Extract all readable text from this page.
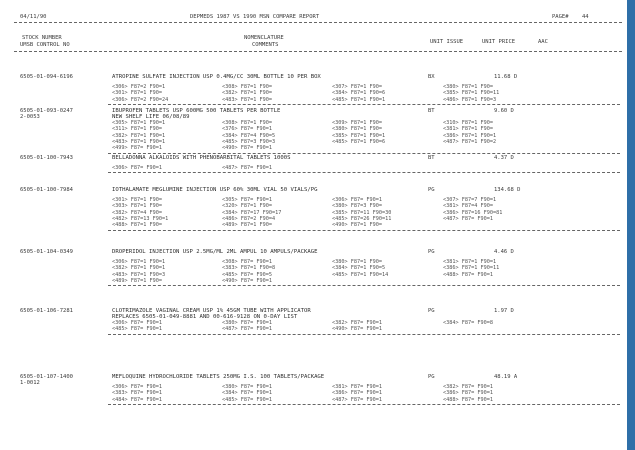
04/11/90	DEPMEDS 1987 VS 1990 MSN COMPARE REPORT	PAGE# 44
STOCK NUMBER
UMSB CONTROL NO
NOMENCLATURE
COMMENTS	UNIT ISSUE	UNIT PRICE	AAC
6505-01-094-6196	ATROPINE SULFATE INJECTION USP 0.4MG/CC 30ML BOTTLE 10 PER BOX	BX	11.68 D
<306> F87=2 F90=1	<308> F87=1 F90=	<307> F87=1 F90=	<380> F87=1 F90=
<301> F87=1 F90=	<382> F87=1 F90=	<384> F87=1 F90=6	<385> F87=1 F90=11
<306> F87=2 F90=24	<483> F87=1 F90=	<485> F87=1 F90=1	<486> F87=1 F90=3
6505-01-093-0247
2-0053
IBUPROFEN TABLETS USP 600MG 500 TABLETS PER BOTTLE	BT	9.60 D
NEW SHELF LIFE 06/08/89
<305> F87=1 F90=1	<308> F87=1 F90=	<309> F87=1 F90=	<310> F87=1 F90=
<311> F87=1 F90=	<376> F87= F90=1	<380> F87=1 F90=	<381> F87=1 F90=
<382> F87=1 F90=1	<384> F87=4 F90=5	<385> F87=1 F90=1	<386> F87=1 F90=1
<483> F87=1 F90=1	<485> F87=3 F90=3	<485> F87=1 F90=6	<487> F87=1 F90=2
<499> F87= F90=1	<490> F87= F90=1
6505-01-100-7943	BELLADONNA ALKALOIDS WITH PHENOBARBITAL TABLETS 1000S	BT	4.37 D
<306> F87= F90=1	<487> F87= F90=1
6505-01-100-7984	IOTHALAMATE MEGLUMINE INJECTION USP 60% 30ML VIAL 50 VIALS/PG	PG	134.68 D
<301> F87=1 F90=	<305> F87= F90=1	<306> F87= F90=1	<307> F87=7 F90=1
<303> F87=1 F90=	<320> F87=1 F90=	<380> F87=3 F90=	<381> F87=4 F90=
<382> F87=4 F90=	<384> F87=17 F90=17	<385> F87=11 F90=30	<386> F87=16 F90=81
<482> F87=13 F90=1	<486> F87=2 F90=4	<485> F87=26 F90=11	<487> F87= F90=1
<488> F87=1 F90=	<489> F87=1 F90=	<490> F87=1 F90=
6505-01-104-0349	DROPERIDOL INJECTION USP 2.5MG/ML 2ML AMPUL 10 AMPULS/PACKAGE	PG	4.46 D
<306> F87=1 F90=1	<308> F87= F90=1	<380> F87=1 F90=	<381> F87=1 F90=1
<382> F87=1 F90=1	<383> F87=1 F90=8	<384> F87=1 F90=5	<386> F87=1 F90=11
<483> F87=1 F90=3	<485> F87= F90=5	<485> F87=1 F90=14	<488> F87= F90=1
<489> F87=1 F90=	<490> F87= F90=1
6505-01-106-7281	CLOTRIMAZOLE VAGINAL CREAM USP 1% 45GM TUBE WITH APPLICATOR	PG	1.97 D
REPLACES 6505-01-049-8881 AND 00-616-9128 ON 0-DAY LIST
<306> F87= F90=1	<380> F87= F90=1	<382> F87= F90=1	<384> F87= F90=8
<485> F87= F90=1	<487> F87= F90=1	<490> F87= F90=1
6505-01-107-1400
1-0012
MEFLOQUINE HYDROCHLORIDE TABLETS 250MG I.S. 100 TABLETS/PACKAGE	PG	48.19 A
<306> F87= F90=1	<380> F87= F90=1	<381> F87= F90=1	<382> F87= F90=1
<383> F87= F90=1	<384> F87= F90=1	<386> F87= F90=1	<386> F87= F90=1
<484> F87= F90=1	<485> F87= F90=1	<487> F87= F90=1	<488> F87= F90=1
